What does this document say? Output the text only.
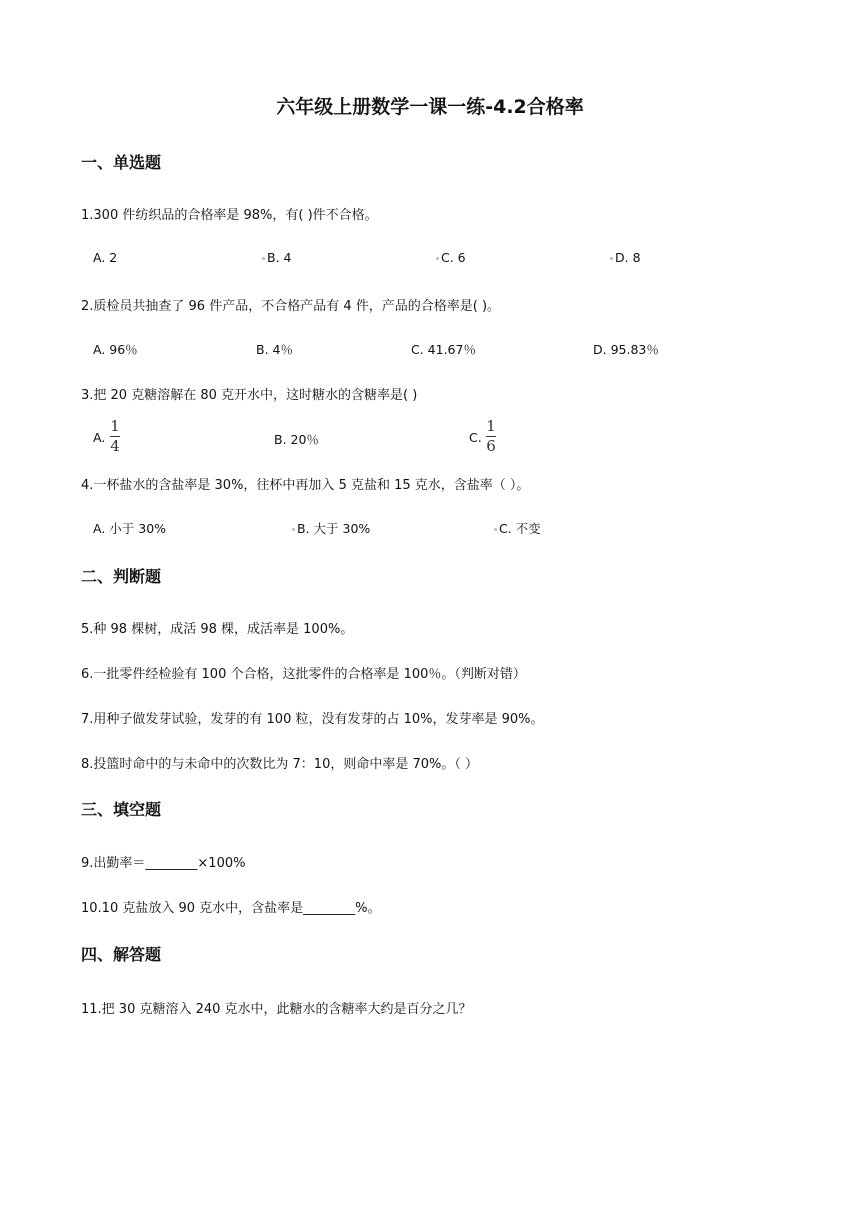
六年级上册数学一课一练-4.2合格率
一、单选题
1.300 件纺织品的合格率是 98%，有( )件不合格。
A. 2	B. 4	C. 6	D. 8
2.质检员共抽查了 96 件产品，不合格产品有 4 件，产品的合格率是( )。
A. 96％	B. 4％	C. 41.67％	D. 95.83％
3.把 20 克糖溶解在 80 克开水中，这时糖水的含糖率是( )
A.
1
4	B. 20％	C.
1
6
4.一杯盐水的含盐率是 30%，往杯中再加入 5 克盐和 15 克水，含盐率（ ）。
A. 小于 30%	B. 大于 30%	C. 不变
二、判断题
5.种 98 棵树，成活 98 棵，成活率是 100%。
6.一批零件经检验有 100 个合格，这批零件的合格率是 100％。（判断对错）
7.用种子做发芽试验，发芽的有 100 粒，没有发芽的占 10%，发芽率是 90%。
8.投篮时命中的与未命中的次数比为 7：10，则命中率是 70%。（ ）
三、填空题
9.出勤率＝________×100%
10.10 克盐放入 90 克水中，含盐率是________%。
四、解答题
11.把 30 克糖溶入 240 克水中，此糖水的含糖率大约是百分之几？
